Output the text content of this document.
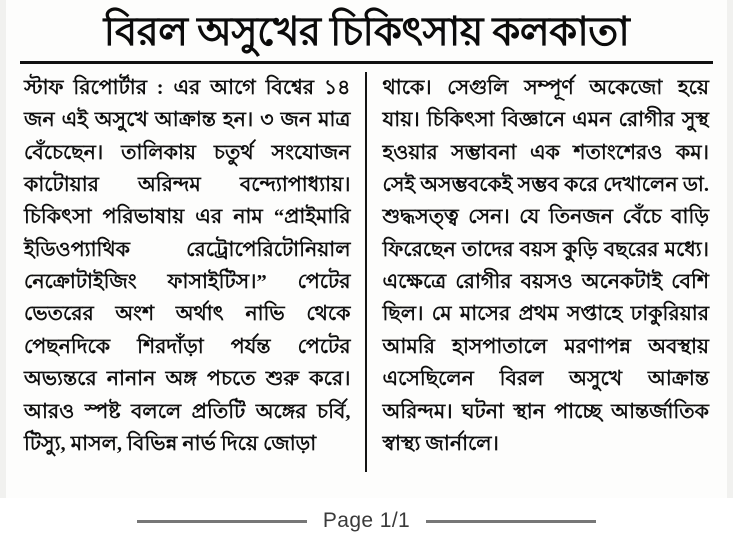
বিরল অসুখের চিকিৎসায় কলকাতা
স্টাফ রিপোর্টার : এর আগে বিশ্বের ১৪ জন এই অসুখে আক্রান্ত হন। ৩ জন মাত্র বেঁচেছেন। তালিকায় চতুর্থ সংযোজন কাটোয়ার অরিন্দম বন্দ্যোপাধ্যায়। চিকিৎসা পরিভাষায় এর নাম “প্রাইমারি ইডিওপ্যাথিক রেট্রোপেরিটোনিয়াল নেক্রোটাইজিং ফাসাইটিস।” পেটের ভেতরের অংশ অর্থাৎ নাভি থেকে পেছনদিকে শিরদাঁড়া পর্যন্ত পেটের অভ্যন্তরে নানান অঙ্গ পচতে শুরু করে। আরও স্পষ্ট বললে প্রতিটি অঙ্গের চর্বি, টিস্যু, মাসল, বিভিন্ন নার্ভ দিয়ে জোড়া
থাকে। সেগুলি সম্পূর্ণ অকেজো হয়ে যায়। চিকিৎসা বিজ্ঞানে এমন রোগীর সুস্থ হওয়ার সম্ভাবনা এক শতাংশেরও কম। সেই অসম্ভবকেই সম্ভব করে দেখালেন ডা. শুদ্ধসত্ত্ব সেন। যে তিনজন বেঁচে বাড়ি ফিরেছেন তাদের বয়স কুড়ি বছরের মধ্যে। এক্ষেত্রে রোগীর বয়সও অনেকটাই বেশি ছিল। মে মাসের প্রথম সপ্তাহে ঢাকুরিয়ার আমরি হাসপাতালে মরণাপন্ন অবস্থায় এসেছিলেন বিরল অসুখে আক্রান্ত অরিন্দম। ঘটনা স্থান পাচ্ছে আন্তর্জাতিক স্বাস্থ্য জার্নালে।
Page 1/1
